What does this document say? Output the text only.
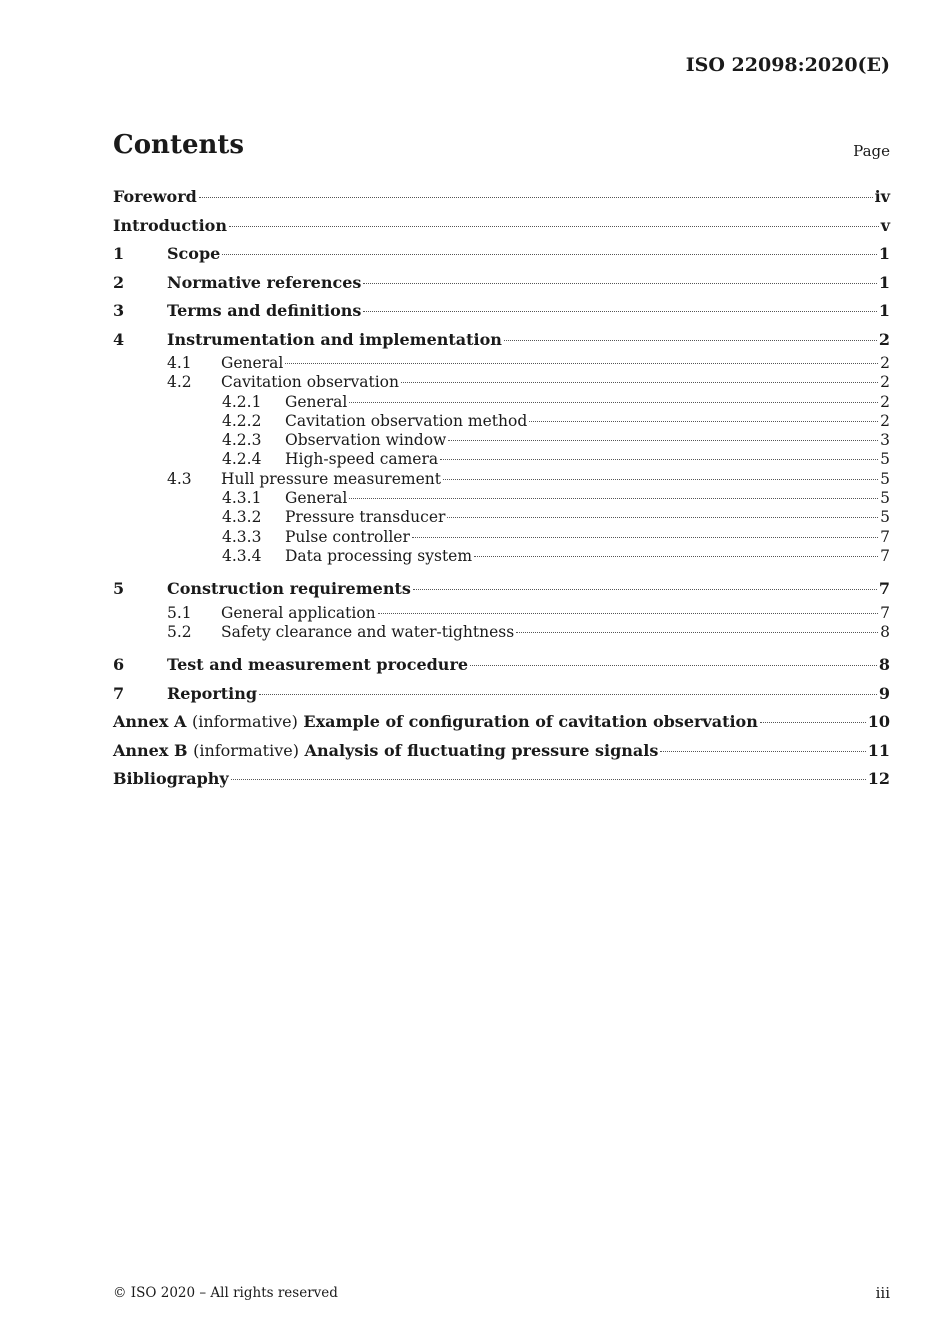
ISO 22098:2020(E)
Contents	Page
Foreword	iv
Introduction	v
1	Scope	1
2	Normative references	1
3	Terms and definitions	1
4	Instrumentation and implementation	2
4.1	General	2
4.2	Cavitation observation	2
4.2.1	General	2
4.2.2	Cavitation observation method	2
4.2.3	Observation window	3
4.2.4	High-speed camera	5
4.3	Hull pressure measurement	5
4.3.1	General	5
4.3.2	Pressure transducer	5
4.3.3	Pulse controller	7
4.3.4	Data processing system	7
5	Construction requirements	7
5.1	General application	7
5.2	Safety clearance and water-tightness	8
6	Test and measurement procedure	8
7	Reporting	9
Annex A (informative) Example of configuration of cavitation observation	10
Annex B (informative) Analysis of fluctuating pressure signals	11
Bibliography	12
© ISO 2020 – All rights reserved	iii
